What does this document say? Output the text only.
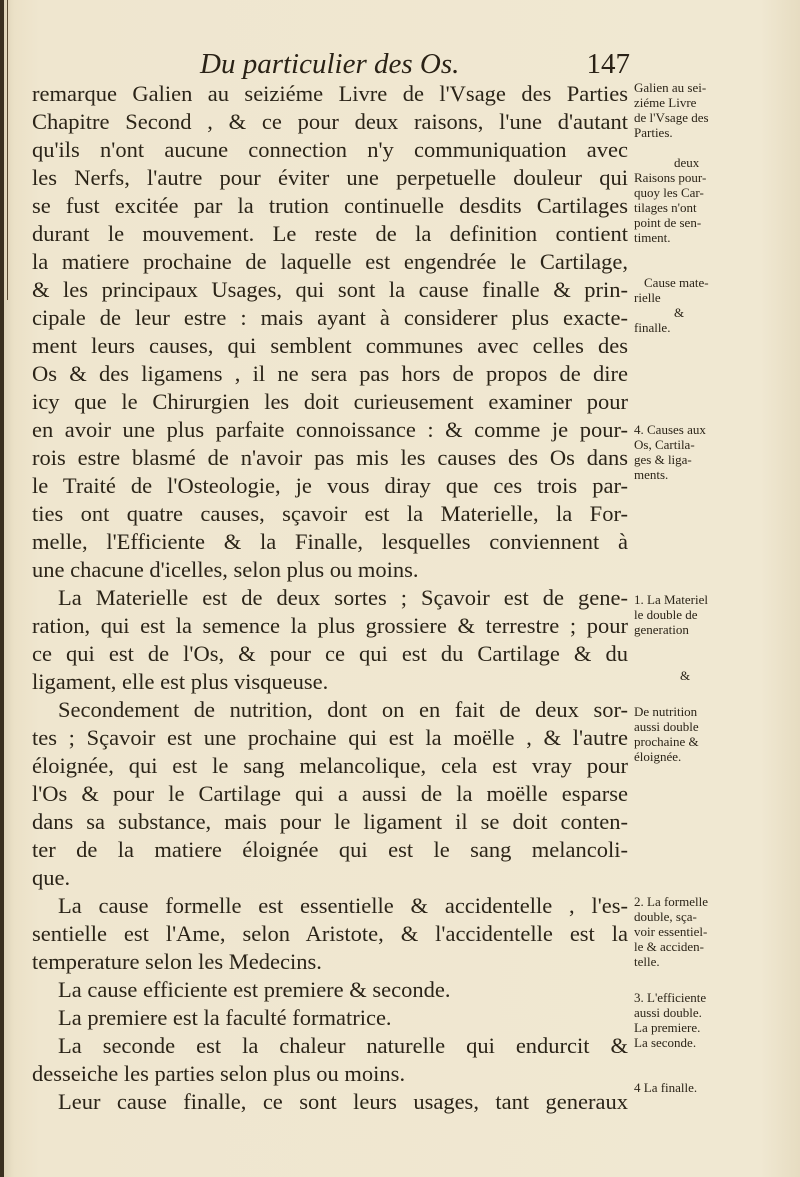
Du particulier des Os.	147
remarque Galien au seiziéme Livre de l'Vsage des Parties
Chapitre Second , & ce pour deux raisons, l'une d'autant
qu'ils n'ont aucune connection n'y communiquation avec
les Nerfs, l'autre pour éviter une perpetuelle douleur qui
se fust excitée par la trution continuelle desdits Cartilages
durant le mouvement. Le reste de la definition contient
la matiere prochaine de laquelle est engendrée le Cartilage,
& les principaux Usages, qui sont la cause finalle & prin-
cipale de leur estre : mais ayant à considerer plus exacte-
ment leurs causes, qui semblent communes avec celles des
Os & des ligamens , il ne sera pas hors de propos de dire
icy que le Chirurgien les doit curieusement examiner pour
en avoir une plus parfaite connoissance : & comme je pour-
rois estre blasmé de n'avoir pas mis les causes des Os dans
le Traité de l'Osteologie, je vous diray que ces trois par-
ties ont quatre causes, sçavoir est la Materielle, la For-
melle, l'Efficiente & la Finalle, lesquelles conviennent à
une chacune d'icelles, selon plus ou moins.
La Materielle est de deux sortes ; Sçavoir est de gene-
ration, qui est la semence la plus grossiere & terrestre ; pour
ce qui est de l'Os, & pour ce qui est du Cartilage & du
ligament, elle est plus visqueuse.
Secondement de nutrition, dont on en fait de deux sor-
tes ; Sçavoir est une prochaine qui est la moëlle , & l'autre
éloignée, qui est le sang melancolique, cela est vray pour
l'Os & pour le Cartilage qui a aussi de la moëlle esparse
dans sa substance, mais pour le ligament il se doit conten-
ter de la matiere éloignée qui est le sang melancoli-
que.
La cause formelle est essentielle & accidentelle , l'es-
sentielle est l'Ame, selon Aristote, & l'accidentelle est la
temperature selon les Medecins.
La cause efficiente est premiere & seconde.
La premiere est la faculté formatrice.
La seconde est la chaleur naturelle qui endurcit &
desseiche les parties selon plus ou moins.
Leur cause finalle, ce sont leurs usages, tant generaux
Galien au sei-
ziéme Livre
de l'Vsage des
Parties.
deux
Raisons pour-
quoy les Car-
tilages n'ont
point de sen-
timent.
Cause mate-
rielle
&
finalle.
4. Causes aux
Os, Cartila-
ges & liga-
ments.
1. La Materiel
le double de
generation
&
De nutrition
aussi double
prochaine &
éloignée.
2. La formelle
double, sça-
voir essentiel-
le & acciden-
telle.
3. L'efficiente
aussi double.
La premiere.
La seconde.
4 La finalle.
